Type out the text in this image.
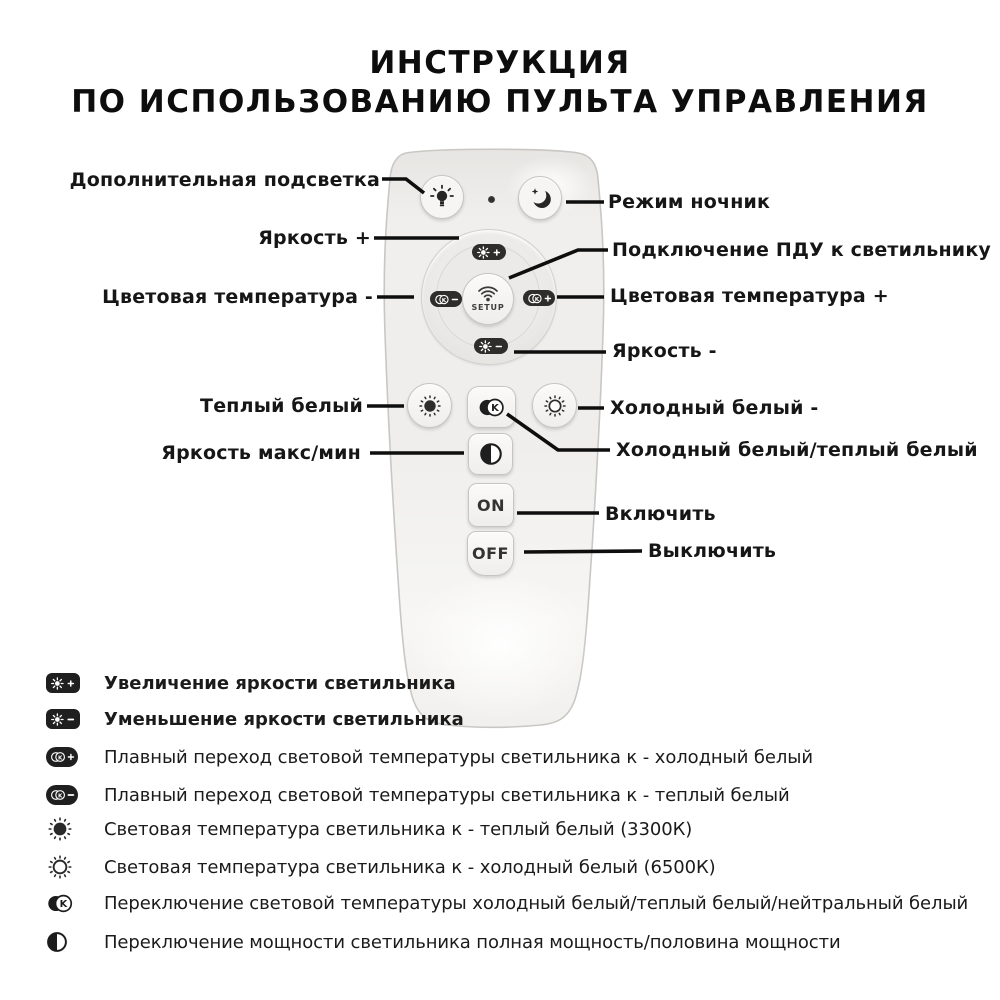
ИНСТРУКЦИЯ
ПО ИСПОЛЬЗОВАНИЮ ПУЛЬТА УПРАВЛЕНИЯ
K	K
SETUP
K
ON
OFF
Дополнительная подсветка
Яркость +
Цветовая температура -
Теплый белый
Яркость макс/мин
Режим ночник
Подключение ПДУ к светильнику
Цветовая температура +
Яркость -
Холодный белый -
Холодный белый/теплый белый
Включить
Выключить
Увеличение яркости светильника
Уменьшение яркости светильника
K Плавный переход световой температуры светильника к - холодный белый
K Плавный переход световой температуры светильника к - теплый белый
Световая температура светильника к - теплый белый (3300К)
Световая температура светильника к - холодный белый (6500К)
K Переключение световой температуры холодный белый/теплый белый/нейтральный белый
Переключение мощности светильника полная мощность/половина мощности
